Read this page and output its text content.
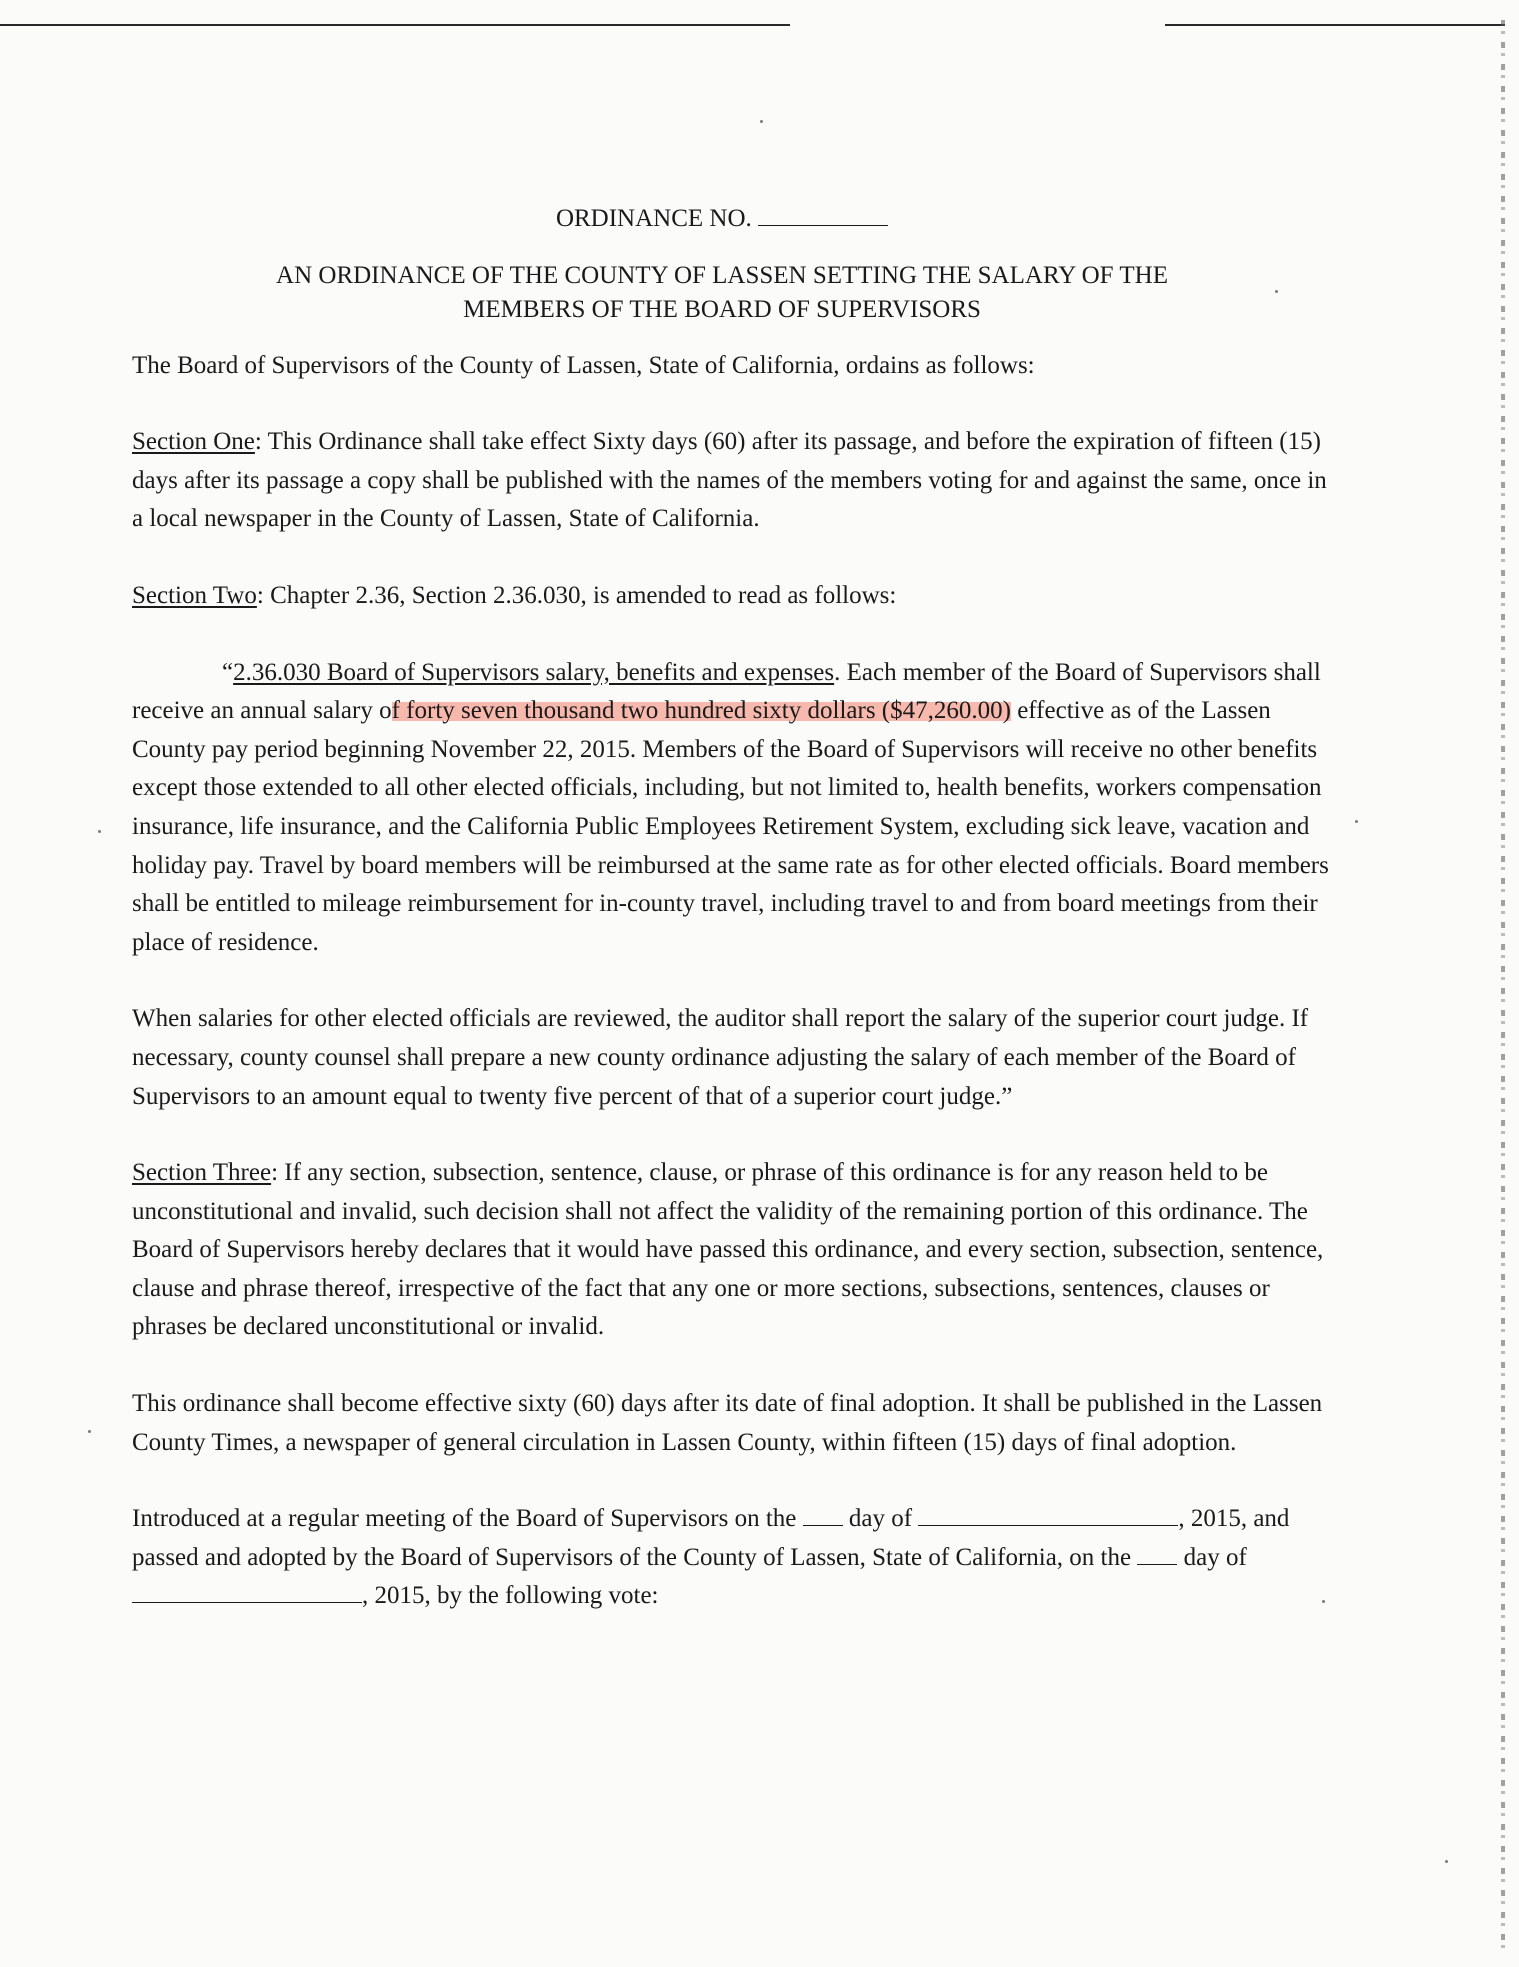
ORDINANCE NO.
AN ORDINANCE OF THE COUNTY OF LASSEN SETTING THE SALARY OF THE
MEMBERS OF THE BOARD OF SUPERVISORS

The Board of Supervisors of the County of Lassen, State of California, ordains as follows:

Section One: This Ordinance shall take effect Sixty days (60) after its passage, and before the expiration of fifteen (15) days after its passage a copy shall be published with the names of the members voting for and against the same, once in a local newspaper in the County of Lassen, State of California.

Section Two: Chapter 2.36, Section 2.36.030, is amended to read as follows:

“2.36.030 Board of Supervisors salary, benefits and expenses. Each member of the Board of Supervisors shall receive an annual salary of forty seven thousand two hundred sixty dollars ($47,260.00) effective as of the Lassen County pay period beginning November 22, 2015. Members of the Board of Supervisors will receive no other benefits except those extended to all other elected officials, including, but not limited to, health benefits, workers compensation insurance, life insurance, and the California Public Employees Retirement System, excluding sick leave, vacation and holiday pay. Travel by board members will be reimbursed at the same rate as for other elected officials. Board members shall be entitled to mileage reimbursement for in-county travel, including travel to and from board meetings from their place of residence.

When salaries for other elected officials are reviewed, the auditor shall report the salary of the superior court judge. If necessary, county counsel shall prepare a new county ordinance adjusting the salary of each member of the Board of Supervisors to an amount equal to twenty five percent of that of a superior court judge.”

Section Three: If any section, subsection, sentence, clause, or phrase of this ordinance is for any reason held to be unconstitutional and invalid, such decision shall not affect the validity of the remaining portion of this ordinance. The Board of Supervisors hereby declares that it would have passed this ordinance, and every section, subsection, sentence, clause and phrase thereof, irrespective of the fact that any one or more sections, subsections, sentences, clauses or phrases be declared unconstitutional or invalid.

This ordinance shall become effective sixty (60) days after its date of final adoption. It shall be published in the Lassen County Times, a newspaper of general circulation in Lassen County, within fifteen (15) days of final adoption.

Introduced at a regular meeting of the Board of Supervisors on the  day of	, 2015, and passed and adopted by the Board of Supervisors of the County of Lassen, State of California, on the  day of , 2015, by the following vote:
